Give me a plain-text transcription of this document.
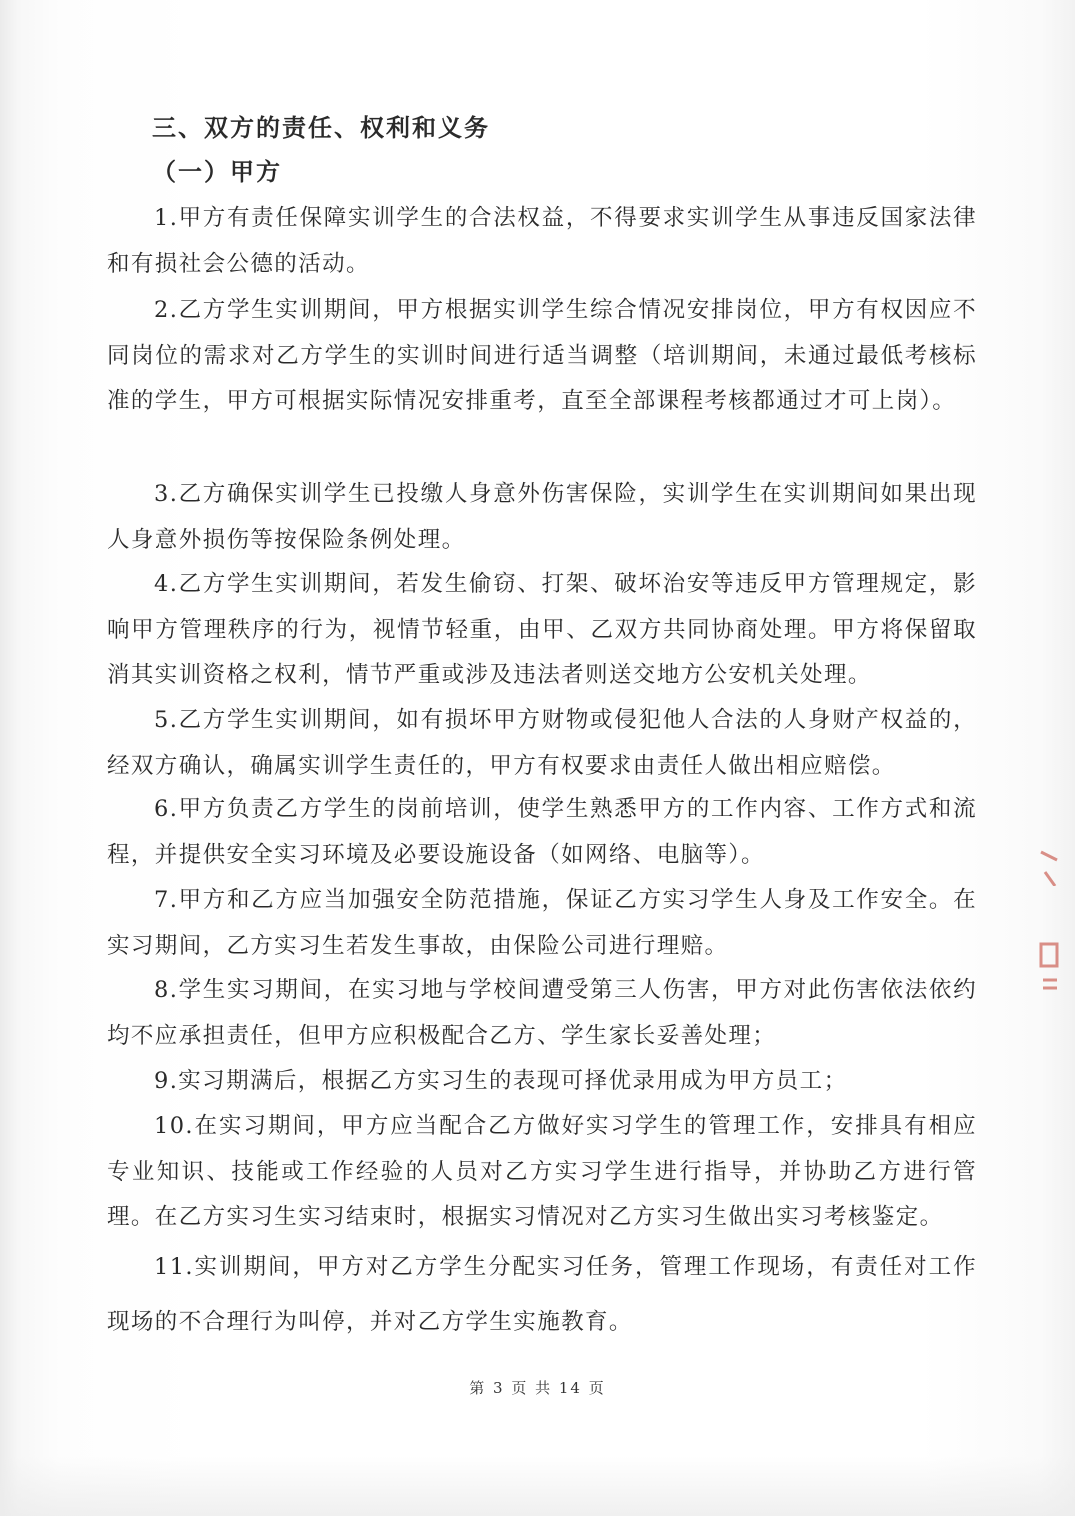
三、双方的责任、权利和义务
（一）甲方

1.甲方有责任保障实训学生的合法权益，不得要求实训学生从事违反国家法律和有损社会公德的活动。

2.乙方学生实训期间，甲方根据实训学生综合情况安排岗位，甲方有权因应不同岗位的需求对乙方学生的实训时间进行适当调整（培训期间，未通过最低考核标准的学生，甲方可根据实际情况安排重考，直至全部课程考核都通过才可上岗）。

3.乙方确保实训学生已投缴人身意外伤害保险，实训学生在实训期间如果出现人身意外损伤等按保险条例处理。

4.乙方学生实训期间，若发生偷窃、打架、破坏治安等违反甲方管理规定，影响甲方管理秩序的行为，视情节轻重，由甲、乙双方共同协商处理。甲方将保留取消其实训资格之权利，情节严重或涉及违法者则送交地方公安机关处理。

5.乙方学生实训期间，如有损坏甲方财物或侵犯他人合法的人身财产权益的，经双方确认，确属实训学生责任的，甲方有权要求由责任人做出相应赔偿。

6.甲方负责乙方学生的岗前培训，使学生熟悉甲方的工作内容、工作方式和流程，并提供安全实习环境及必要设施设备（如网络、电脑等）。

7.甲方和乙方应当加强安全防范措施，保证乙方实习学生人身及工作安全。在实习期间，乙方实习生若发生事故，由保险公司进行理赔。

8.学生实习期间，在实习地与学校间遭受第三人伤害，甲方对此伤害依法依约均不应承担责任，但甲方应积极配合乙方、学生家长妥善处理；

9.实习期满后，根据乙方实习生的表现可择优录用成为甲方员工；

10.在实习期间，甲方应当配合乙方做好实习学生的管理工作，安排具有相应专业知识、技能或工作经验的人员对乙方实习学生进行指导，并协助乙方进行管理。在乙方实习生实习结束时，根据实习情况对乙方实习生做出实习考核鉴定。

11.实训期间，甲方对乙方学生分配实习任务，管理工作现场，有责任对工作现场的不合理行为叫停，并对乙方学生实施教育。

第 3 页 共 14 页
